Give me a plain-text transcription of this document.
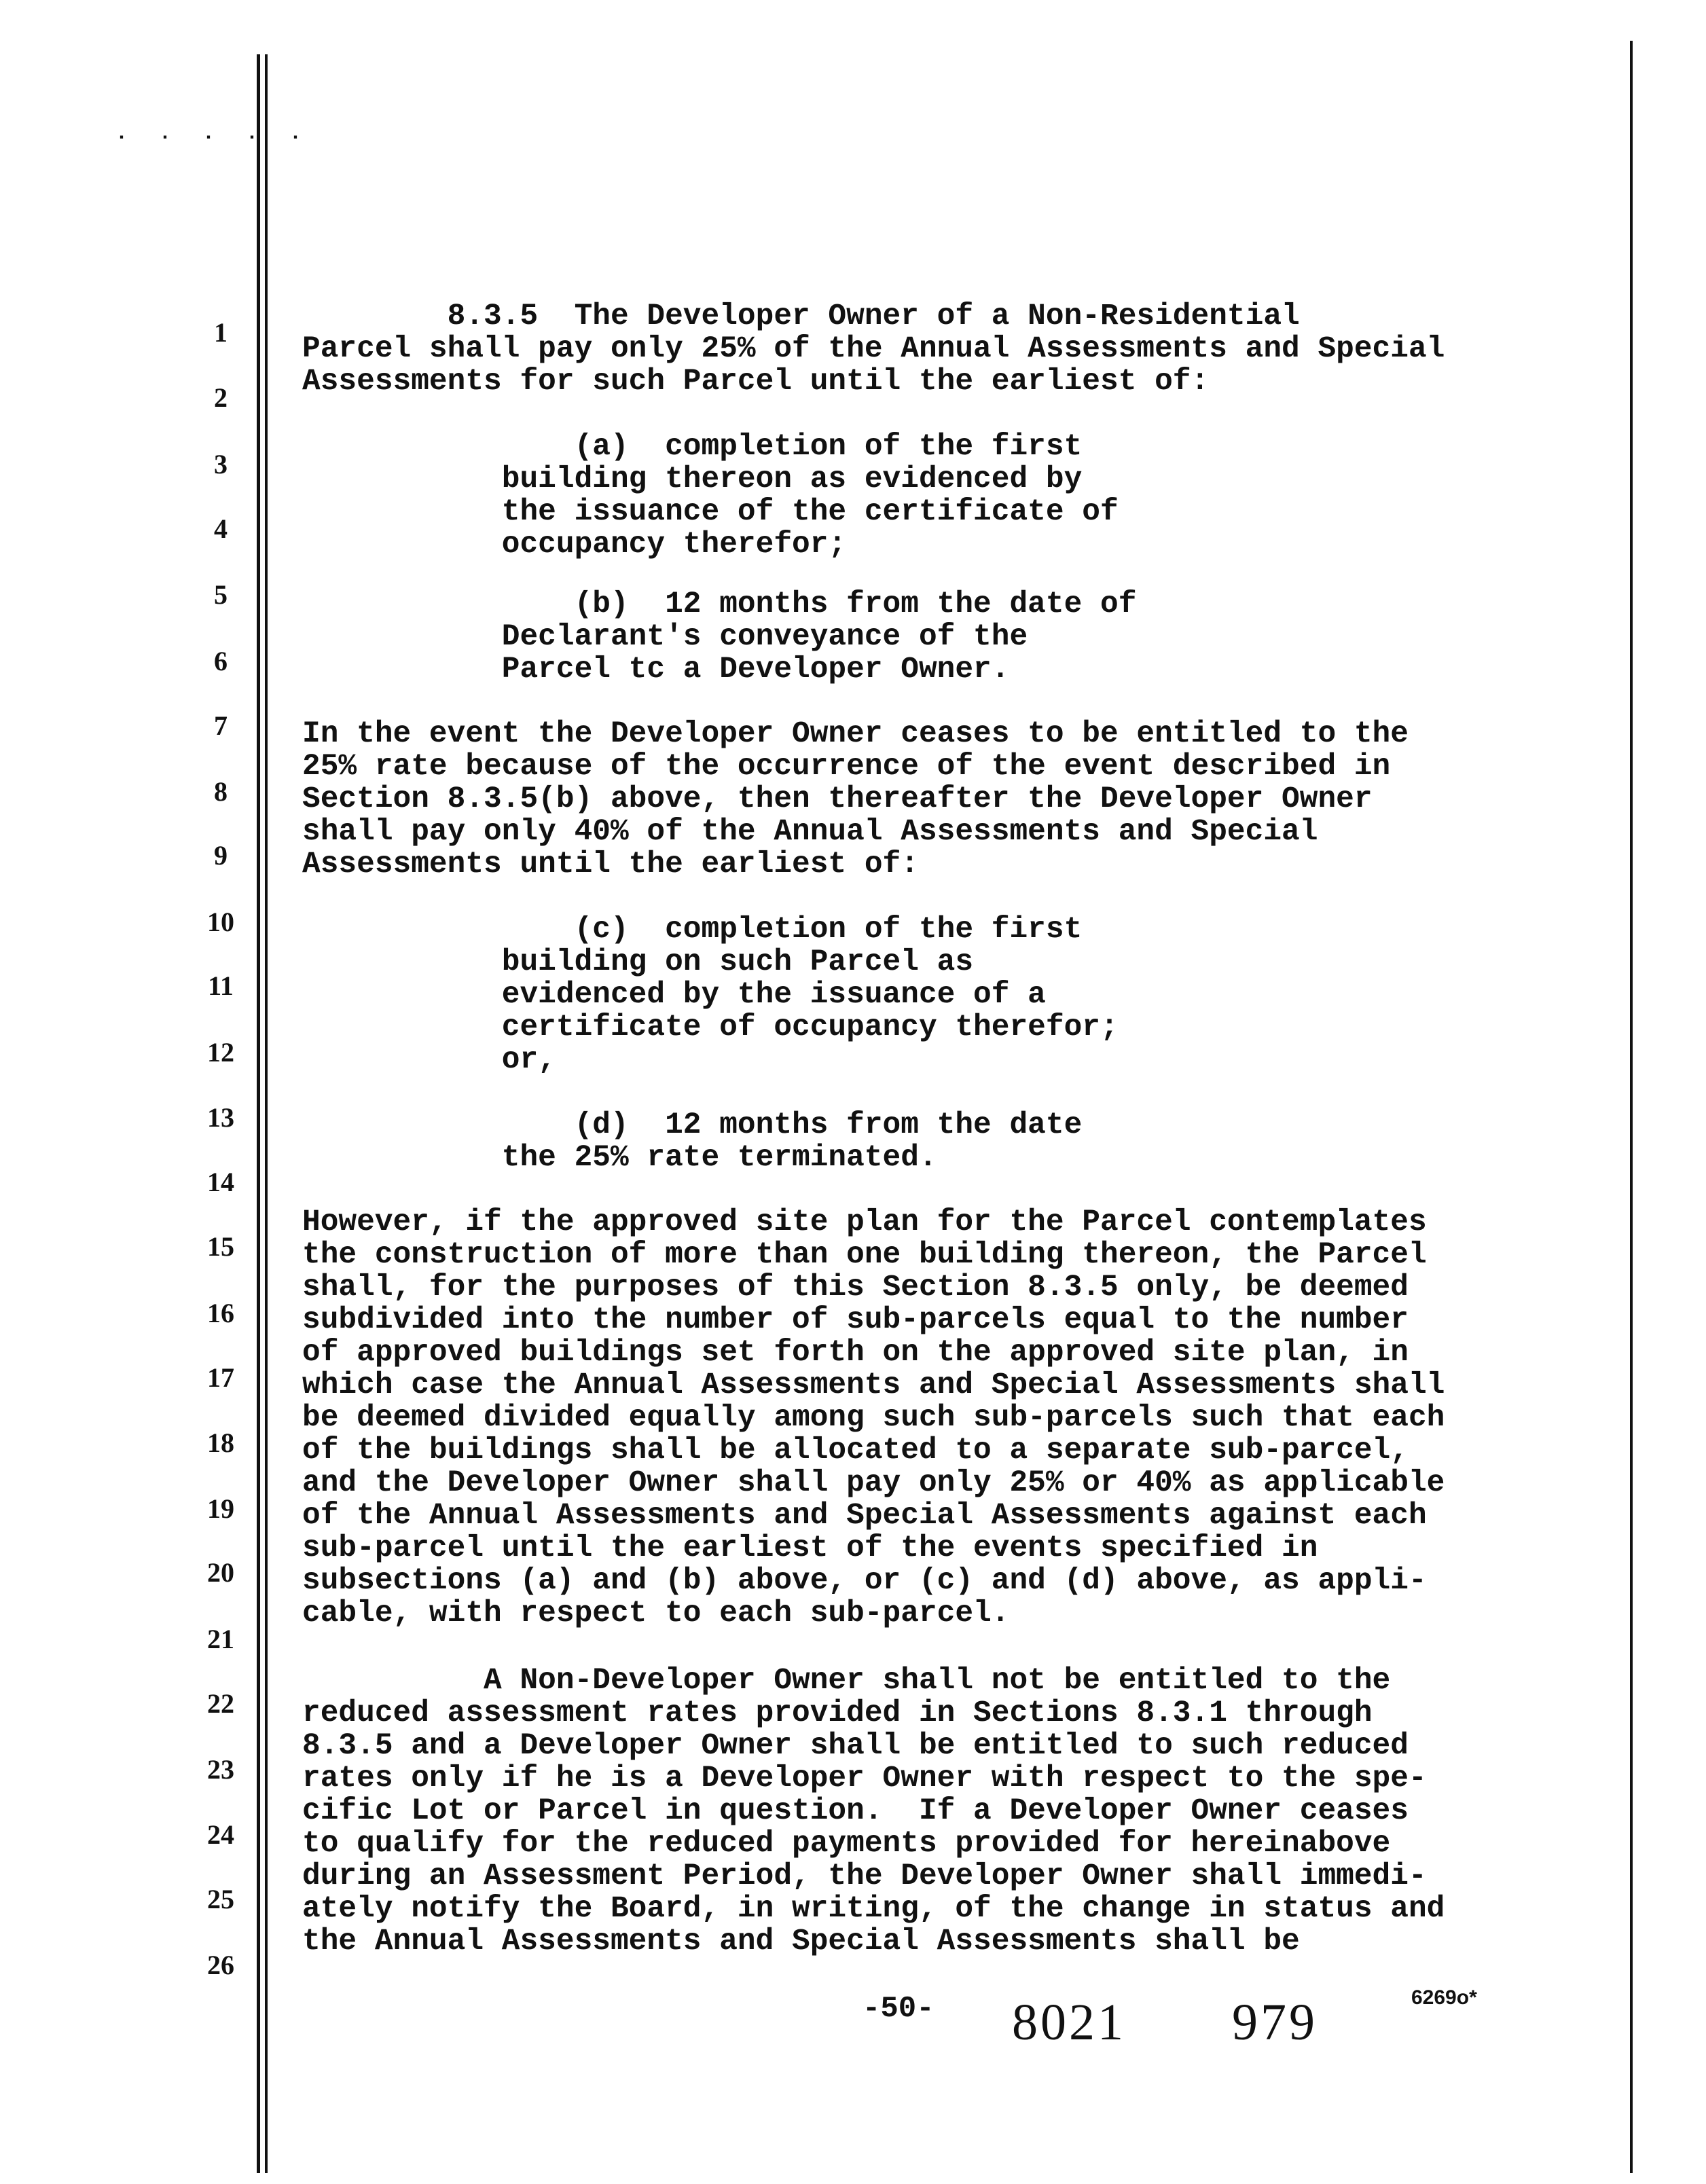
. . . . .
1
2
3
4
5
6
7
8
9
10
11
12
13
14
15
16
17
18
19
20
21
22
23
24
25
26
8.3.5  The Developer Owner of a Non-Residential
Parcel shall pay only 25% of the Annual Assessments and Special
Assessments for such Parcel until the earliest of:
(a)  completion of the first
building thereon as evidenced by
the issuance of the certificate of
occupancy therefor;
(b)  12 months from the date of
Declarant's conveyance of the
Parcel tc a Developer Owner.
In the event the Developer Owner ceases to be entitled to the
25% rate because of the occurrence of the event described in
Section 8.3.5(b) above, then thereafter the Developer Owner
shall pay only 40% of the Annual Assessments and Special
Assessments until the earliest of:
(c)  completion of the first
building on such Parcel as
evidenced by the issuance of a
certificate of occupancy therefor;
or,
(d)  12 months from the date
the 25% rate terminated.
However, if the approved site plan for the Parcel contemplates
the construction of more than one building thereon, the Parcel
shall, for the purposes of this Section 8.3.5 only, be deemed
subdivided into the number of sub-parcels equal to the number
of approved buildings set forth on the approved site plan, in
which case the Annual Assessments and Special Assessments shall
be deemed divided equally among such sub-parcels such that each
of the buildings shall be allocated to a separate sub-parcel,
and the Developer Owner shall pay only 25% or 40% as applicable
of the Annual Assessments and Special Assessments against each
sub-parcel until the earliest of the events specified in
subsections (a) and (b) above, or (c) and (d) above, as appli-
cable, with respect to each sub-parcel.
A Non-Developer Owner shall not be entitled to the
reduced assessment rates provided in Sections 8.3.1 through
8.3.5 and a Developer Owner shall be entitled to such reduced
rates only if he is a Developer Owner with respect to the spe-
cific Lot or Parcel in question.  If a Developer Owner ceases
to qualify for the reduced payments provided for hereinabove
during an Assessment Period, the Developer Owner shall immedi-
ately notify the Board, in writing, of the change in status and
the Annual Assessments and Special Assessments shall be
-50- 8021 979	6269o*
